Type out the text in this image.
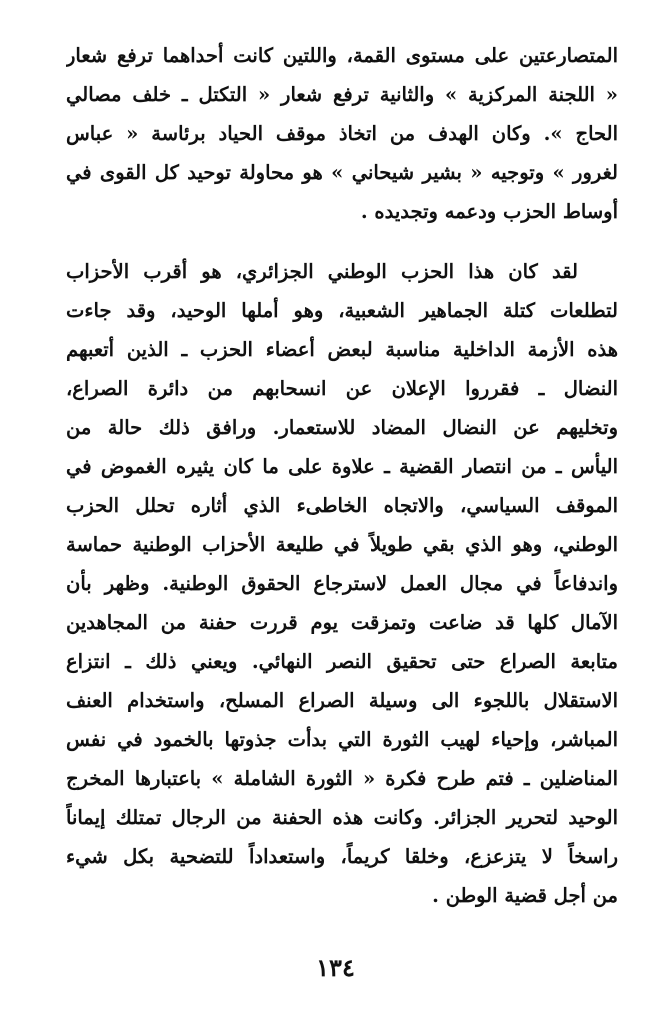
المتصارعتين على مستوى القمة، واللتين كانت أحداهما ترفع شعار
« اللجنة المركزية » والثانية ترفع شعار « التكتل ـ خلف مصالي
الحاج ». وكان الهدف من اتخاذ موقف الحياد برئاسة « عباس
لغرور » وتوجيه « بشير شيحاني » هو محاولة توحيد كل القوى في
أوساط الحزب ودعمه وتجديده .
لقد كان هذا الحزب الوطني الجزائري، هو أقرب الأحزاب
لتطلعات كتلة الجماهير الشعبية، وهو أملها الوحيد، وقد جاءت
هذه الأزمة الداخلية مناسبة لبعض أعضاء الحزب ـ الذين أتعبهم
النضال ـ فقرروا الإعلان عن انسحابهم من دائرة الصراع،
وتخليهم عن النضال المضاد للاستعمار. ورافق ذلك حالة من
اليأس ـ من انتصار القضية ـ علاوة على ما كان يثيره الغموض في
الموقف السياسي، والاتجاه الخاطىء الذي أثاره تحلل الحزب
الوطني، وهو الذي بقي طويلاً في طليعة الأحزاب الوطنية حماسة
واندفاعاً في مجال العمل لاسترجاع الحقوق الوطنية. وظهر بأن
الآمال كلها قد ضاعت وتمزقت يوم قررت حفنة من المجاهدين
متابعة الصراع حتى تحقيق النصر النهائي. ويعني ذلك ـ انتزاع
الاستقلال باللجوء الى وسيلة الصراع المسلح، واستخدام العنف
المباشر، وإحياء لهيب الثورة التي بدأت جذوتها بالخمود في نفس
المناضلين ـ فتم طرح فكرة « الثورة الشاملة » باعتبارها المخرج
الوحيد لتحرير الجزائر. وكانت هذه الحفنة من الرجال تمتلك إيماناً
راسخاً لا يتزعزع، وخلقا كريماً، واستعداداً للتضحية بكل شيء
من أجل قضية الوطن .
١٣٤
